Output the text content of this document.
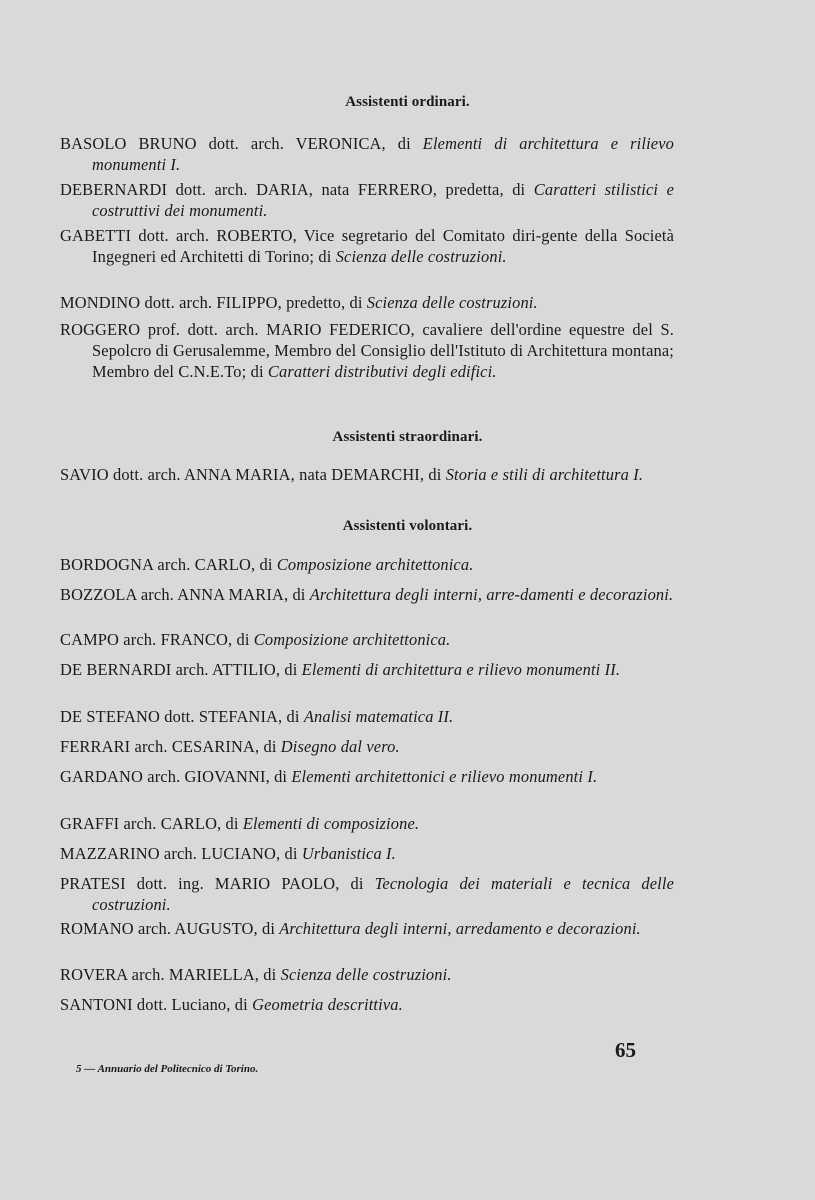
Assistenti ordinari.
BASOLO BRUNO dott. arch. VERONICA, di Elementi di architettura e rilievo monumenti I.
DEBERNARDI dott. arch. DARIA, nata FERRERO, predetta, di Caratteri stilistici e costruttivi dei monumenti.
GABETTI dott. arch. ROBERTO, Vice segretario del Comitato diri-gente della Società Ingegneri ed Architetti di Torino; di Scienza delle costruzioni.
MONDINO dott. arch. FILIPPO, predetto, di Scienza delle costruzioni.
ROGGERO prof. dott. arch. MARIO FEDERICO, cavaliere dell'ordine equestre del S. Sepolcro di Gerusalemme, Membro del Consiglio dell'Istituto di Architettura montana; Membro del C.N.E.To; di Caratteri distributivi degli edifici.
Assistenti straordinari.
SAVIO dott. arch. ANNA MARIA, nata DEMARCHI, di Storia e stili di architettura I.
Assistenti volontari.
BORDOGNA arch. CARLO, di Composizione architettonica.
BOZZOLA arch. ANNA MARIA, di Architettura degli interni, arre-damenti e decorazioni.
CAMPO arch. FRANCO, di Composizione architettonica.
DE BERNARDI arch. ATTILIO, di Elementi di architettura e rilievo monumenti II.
DE STEFANO dott. STEFANIA, di Analisi matematica II.
FERRARI arch. CESARINA, di Disegno dal vero.
GARDANO arch. GIOVANNI, di Elementi architettonici e rilievo monumenti I.
GRAFFI arch. CARLO, di Elementi di composizione.
MAZZARINO arch. LUCIANO, di Urbanistica I.
PRATESI dott. ing. MARIO PAOLO, di Tecnologia dei materiali e tecnica delle costruzioni.
ROMANO arch. AUGUSTO, di Architettura degli interni, arredamento e decorazioni.
ROVERA arch. MARIELLA, di Scienza delle costruzioni.
SANTONI dott. Luciano, di Geometria descrittiva.
65
5 — Annuario del Politecnico di Torino.
